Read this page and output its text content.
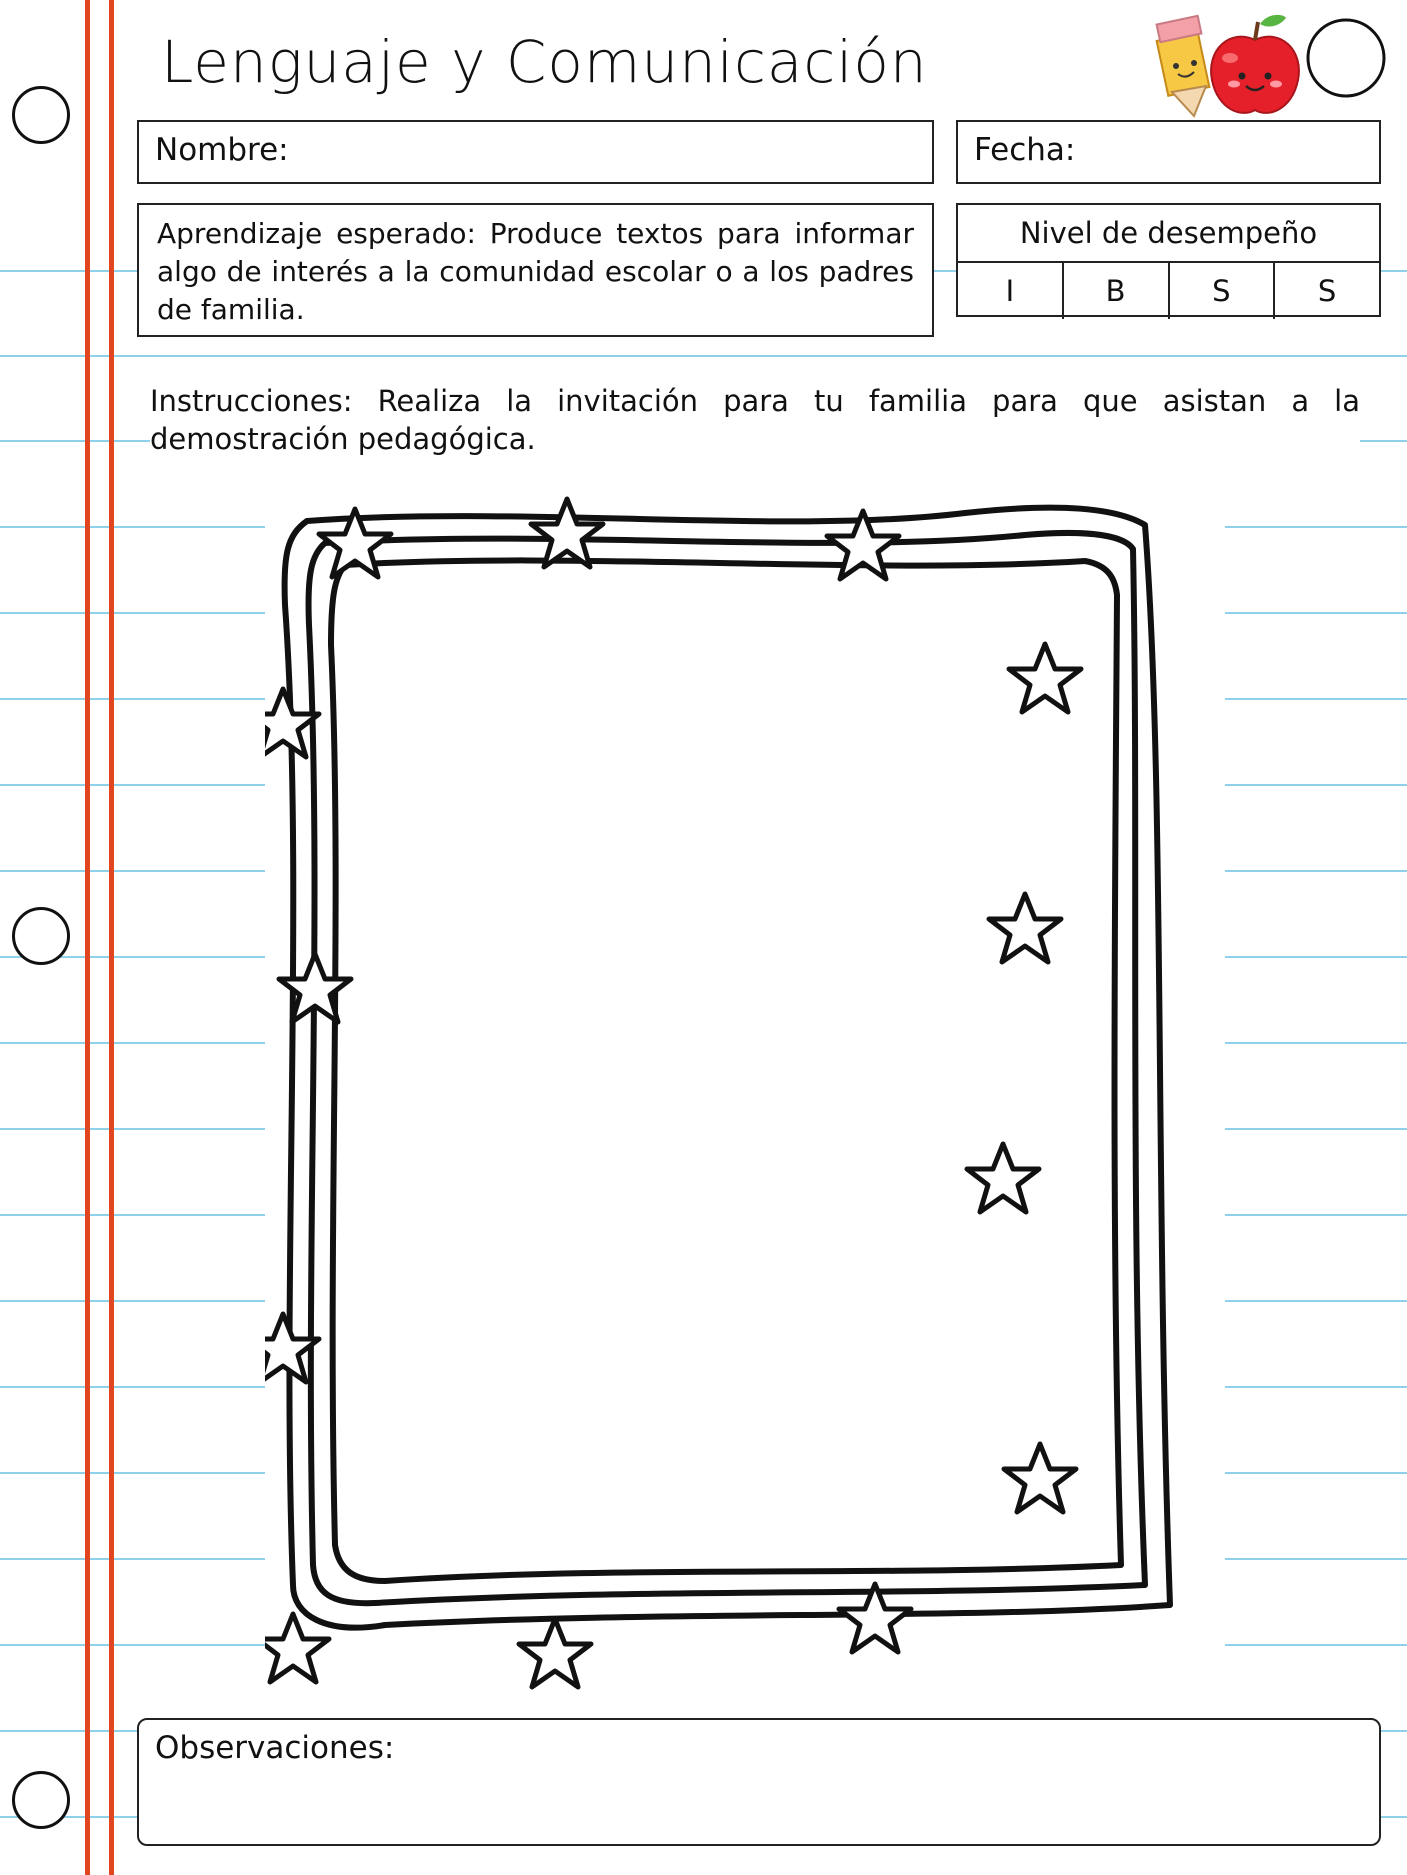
Lenguaje y Comunicación
Nombre:	Fecha:
Aprendizaje esperado: Produce textos para informar algo de interés a la comunidad escolar o a los padres de familia.
Nivel de desempeño
I	B	S	S
Instrucciones: Realiza la invitación para tu familia para que asistan a la demostración pedagógica.
Observaciones:
